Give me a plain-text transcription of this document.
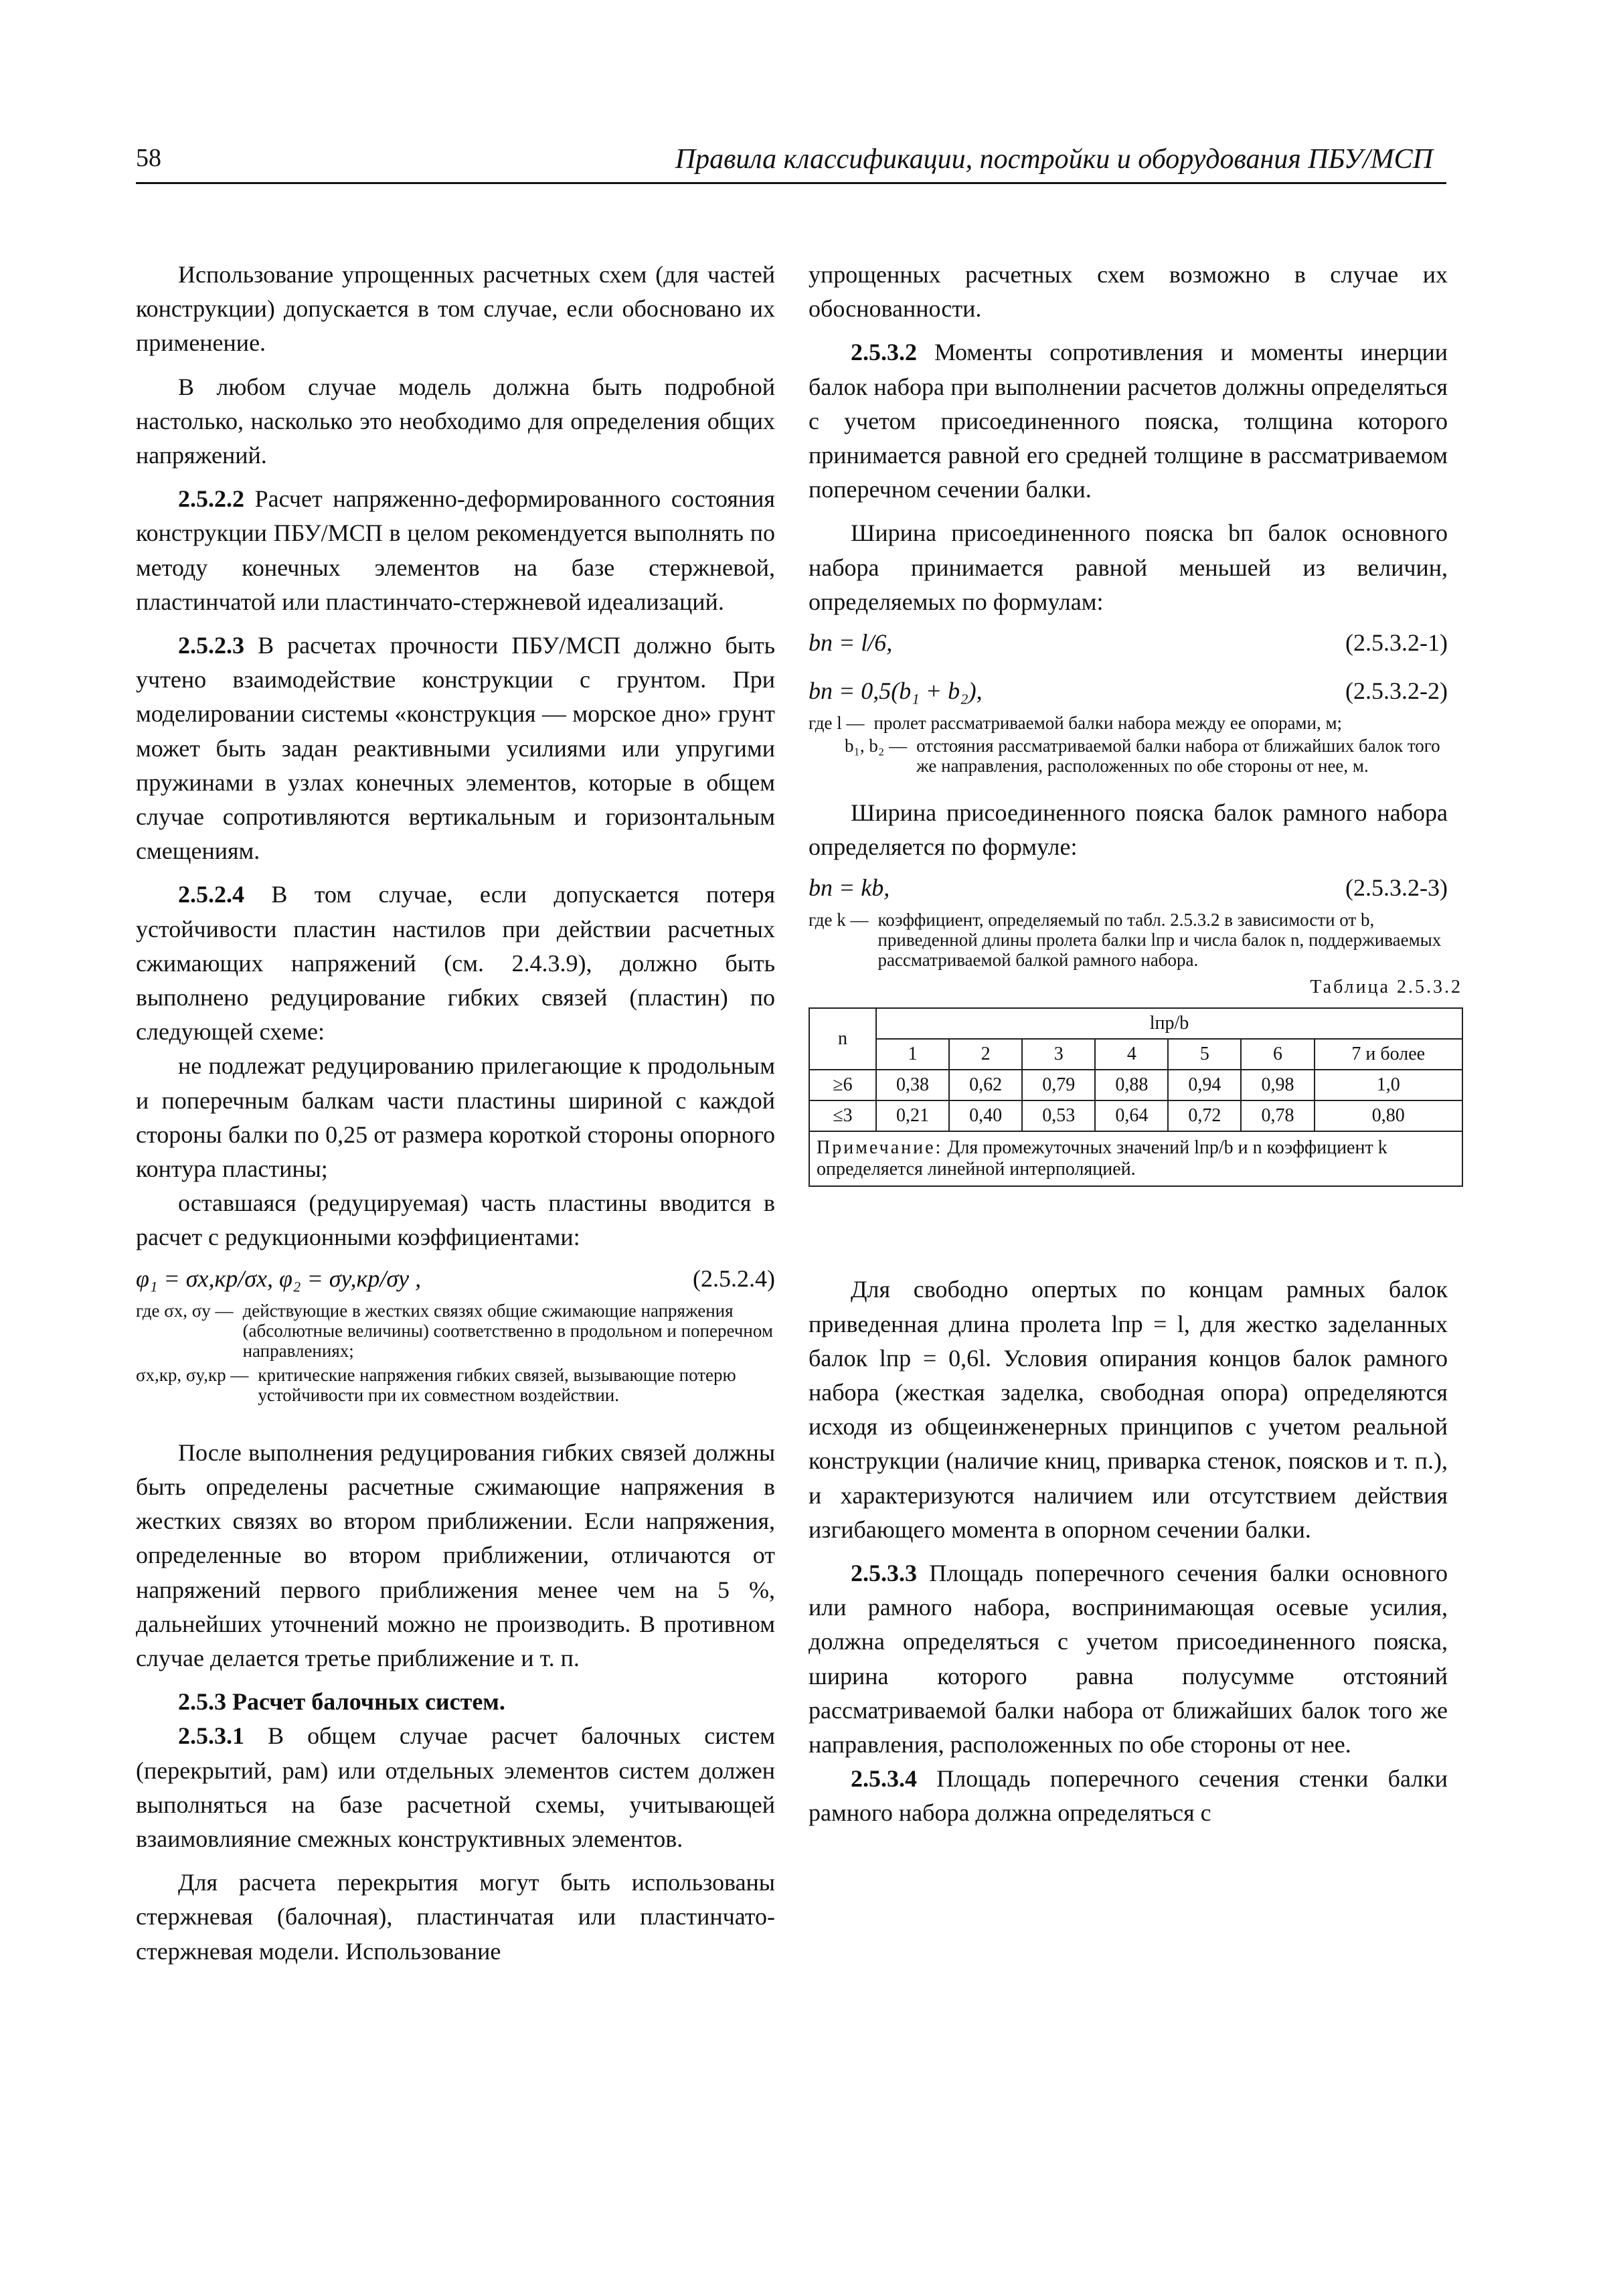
58	Правила классификации, постройки и оборудования ПБУ/МСП

Использование упрощенных расчетных схем (для частей конструкции) допускается в том случае, если обосновано их применение.

В любом случае модель должна быть подробной настолько, насколько это необходимо для определения общих напряжений.

2.5.2.2 Расчет напряженно-деформированного состояния конструкции ПБУ/МСП в целом рекомендуется выполнять по методу конечных элементов на базе стержневой, пластинчатой или пластинчато-стержневой идеализаций.

2.5.2.3 В расчетах прочности ПБУ/МСП должно быть учтено взаимодействие конструкции с грунтом. При моделировании системы «конструкция — морское дно» грунт может быть задан реактивными усилиями или упругими пружинами в узлах конечных элементов, которые в общем случае сопротивляются вертикальным и горизонтальным смещениям.

2.5.2.4 В том случае, если допускается потеря устойчивости пластин настилов при действии расчетных сжимающих напряжений (см. 2.4.3.9), должно быть выполнено редуцирование гибких связей (пластин) по следующей схеме:

не подлежат редуцированию прилегающие к продольным и поперечным балкам части пластины шириной с каждой стороны балки по 0,25 от размера короткой стороны опорного контура пластины;

оставшаяся (редуцируемая) часть пластины вводится в расчет с редукционными коэффициентами:

φ₁ = σx,кр/σx, φ₂ = σy,кр/σy ,	(2.5.2.4)
где σx, σy — действующие в жестких связях общие сжимающие напряжения (абсолютные величины) соответственно в продольном и поперечном направлениях;
σx,кр, σy,кр — критические напряжения гибких связей, вызывающие потерю устойчивости при их совместном воздействии.

После выполнения редуцирования гибких связей должны быть определены расчетные сжимающие напряжения в жестких связях во втором приближении. Если напряжения, определенные во втором приближении, отличаются от напряжений первого приближения менее чем на 5 %, дальнейших уточнений можно не производить. В противном случае делается третье приближение и т. п.

2.5.3 Расчет балочных систем.

2.5.3.1 В общем случае расчет балочных систем (перекрытий, рам) или отдельных элементов систем должен выполняться на базе расчетной схемы, учитывающей взаимовлияние смежных конструктивных элементов.

Для расчета перекрытия могут быть использованы стержневая (балочная), пластинчатая или пластинчато-стержневая модели. Использование

упрощенных расчетных схем возможно в случае их обоснованности.

2.5.3.2 Моменты сопротивления и моменты инерции балок набора при выполнении расчетов должны определяться с учетом присоединенного пояска, толщина которого принимается равной его средней толщине в рассматриваемом поперечном сечении балки.

Ширина присоединенного пояска bп балок основного набора принимается равной меньшей из величин, определяемых по формулам:

bп = l/6,	(2.5.3.2-1)
bп = 0,5(b₁ + b₂),	(2.5.3.2-2)
где l — пролет рассматриваемой балки набора между ее опорами, м;
b₁, b₂ — отстояния рассматриваемой балки набора от ближайших балок того же направления, расположенных по обе стороны от нее, м.

Ширина присоединенного пояска балок рамного набора определяется по формуле:

bп = kb,	(2.5.3.2-3)
где k — коэффициент, определяемый по табл. 2.5.3.2 в зависимости от b, приведенной длины пролета балки lпр и числа балок n, поддерживаемых рассматриваемой балкой рамного набора.
Таблица 2.5.3.2
n	lпр/b						
	1	2	3	4	5	6	7 и более
≥6	0,38	0,62	0,79	0,88	0,94	0,98	1,0
≤3	0,21	0,40	0,53	0,64	0,72	0,78	0,80
Примечание: Для промежуточных значений lпр/b и n коэффициент k определяется линейной интерполяцией.							

Для свободно опертых по концам рамных балок приведенная длина пролета lпр = l, для жестко заделанных балок lпр = 0,6l. Условия опирания концов балок рамного набора (жесткая заделка, свободная опора) определяются исходя из общеинженерных принципов с учетом реальной конструкции (наличие книц, приварка стенок, поясков и т. п.), и характеризуются наличием или отсутствием действия изгибающего момента в опорном сечении балки.

2.5.3.3 Площадь поперечного сечения балки основного или рамного набора, воспринимающая осевые усилия, должна определяться с учетом присоединенного пояска, ширина которого равна полусумме отстояний рассматриваемой балки набора от ближайших балок того же направления, расположенных по обе стороны от нее.

2.5.3.4 Площадь поперечного сечения стенки балки рамного набора должна определяться с
